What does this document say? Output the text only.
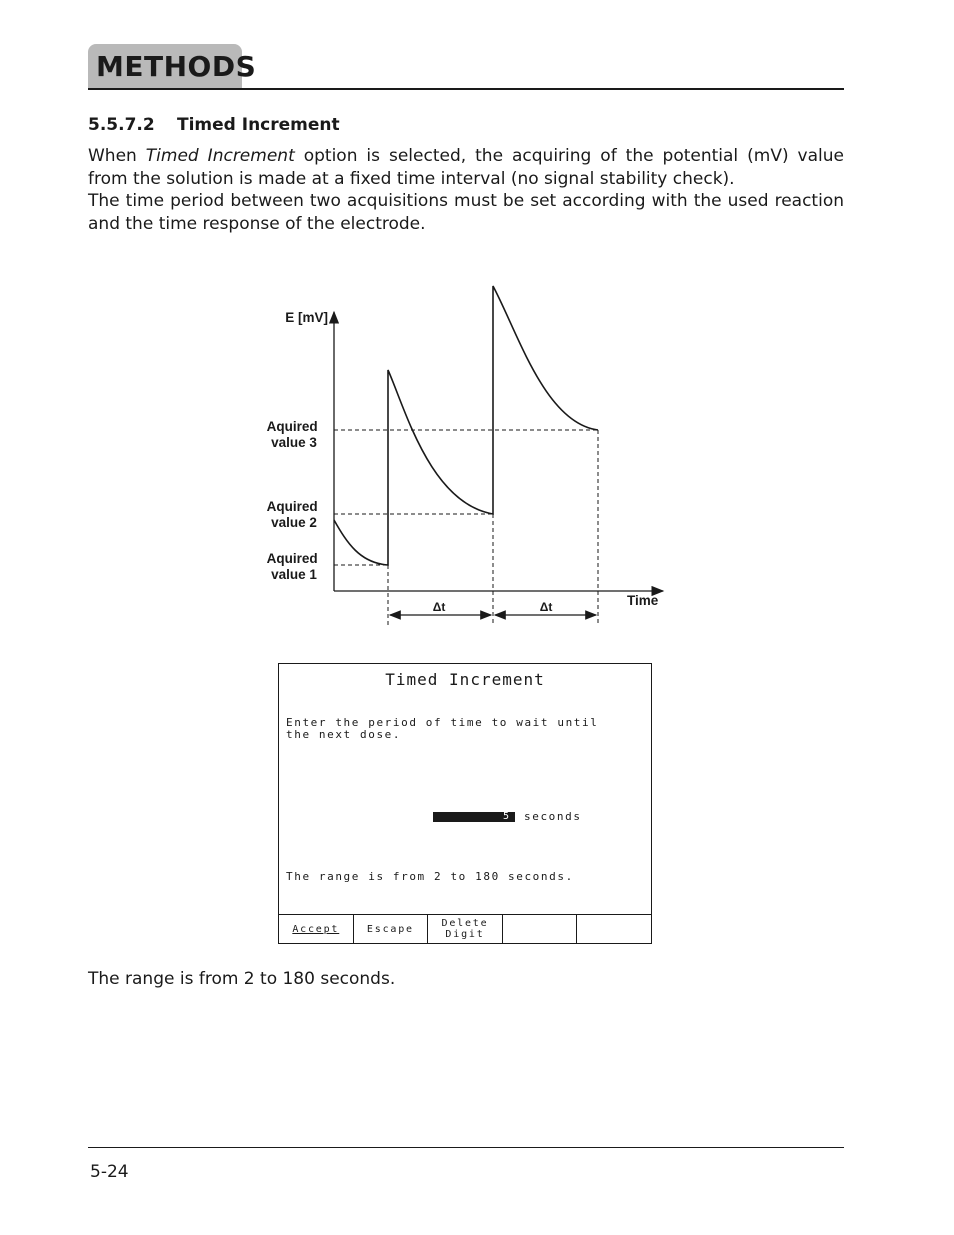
METHODS
5.5.7.2 Timed Increment

When Timed Increment option is selected, the acquiring of the potential (mV) value from the solution is made at a fixed time interval (no signal stability check).

The time period between two acquisitions must be set according with the used reaction and the time response of the electrode.

E [mV]
Time
Aquired value 3
Aquired value 2
Aquired value 1
Δt	Δt
Timed Increment
Enter the period of time to wait until
the next dose.
5	seconds
The range is from 2 to 180 seconds.
Accept	Escape	Delete
Digit
The range is from 2 to 180 seconds.
5-24
